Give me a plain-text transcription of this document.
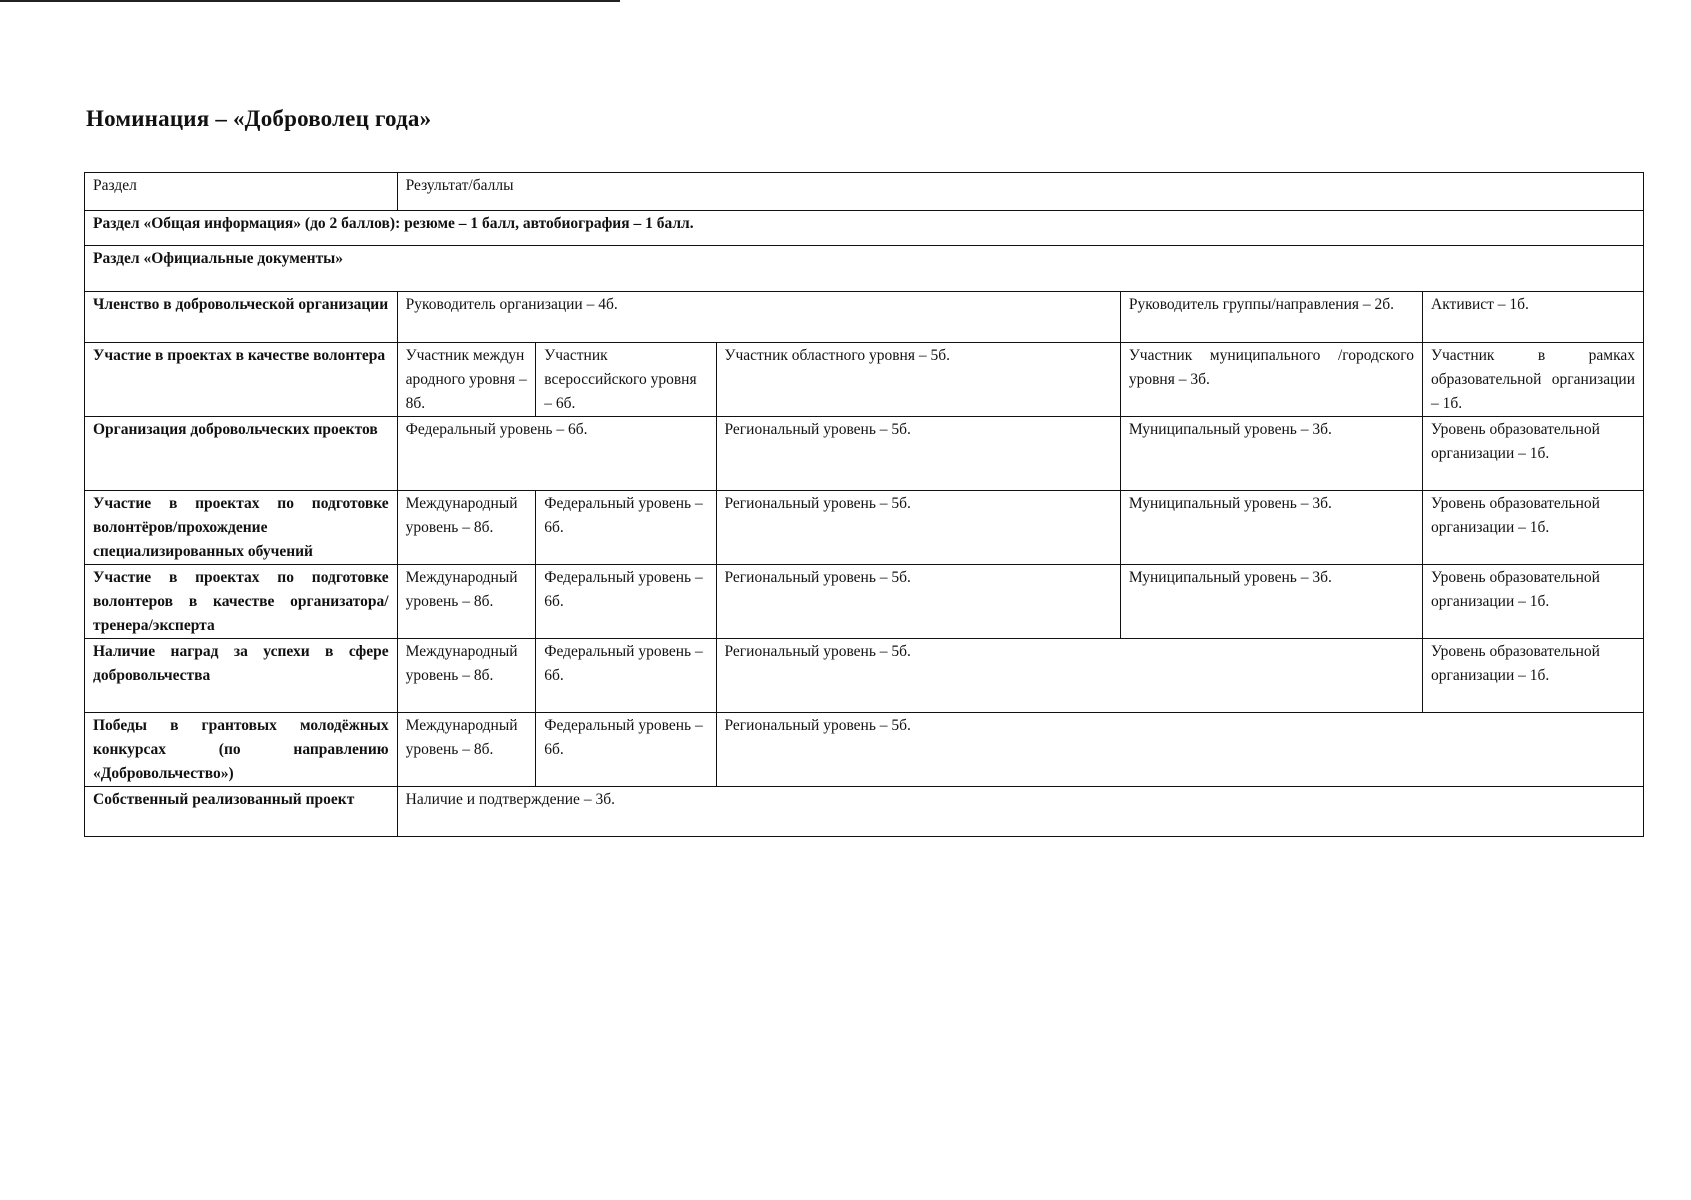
Номинация – «Доброволец года»
Раздел	Результат/баллы				
Раздел «Общая информация» (до 2 баллов): резюме – 1 балл, автобиография – 1 балл.					
Раздел «Официальные документы»					
Членство в добровольческой организации	Руководитель организации – 4б.			Руководитель группы/направления – 2б.	Активист – 1б.
Участие в проектах в качестве волонтера	Участник международного уровня – 8б.	Участник всероссийского уровня – 6б.	Участник областного уровня – 5б.	Участник муниципального /городского уровня – 3б.	Участник в рамках образовательной организации – 1б.
Организация добровольческих проектов	Федеральный уровень – 6б.		Региональный уровень – 5б.	Муниципальный уровень – 3б.	Уровень образовательной организации – 1б.
Участие в проектах по подготовке волонтёров/прохождение специализированных обучений	Международный уровень – 8б.	Федеральный уровень – 6б.	Региональный уровень – 5б.	Муниципальный уровень – 3б.	Уровень образовательной организации – 1б.
Участие в проектах по подготовке волонтеров в качестве организатора/тренера/эксперта	Международный уровень – 8б.	Федеральный уровень – 6б.	Региональный уровень – 5б.	Муниципальный уровень – 3б.	Уровень образовательной организации – 1б.
Наличие наград за успехи в сфере добровольчества	Международный уровень – 8б.	Федеральный уровень – 6б.	Региональный уровень – 5б.		Уровень образовательной организации – 1б.
Победы в грантовых молодёжных конкурсах (по направлению «Добровольчество»)	Международный уровень – 8б.	Федеральный уровень – 6б.	Региональный уровень – 5б.		
Собственный реализованный проект	Наличие и подтверждение – 3б.				
